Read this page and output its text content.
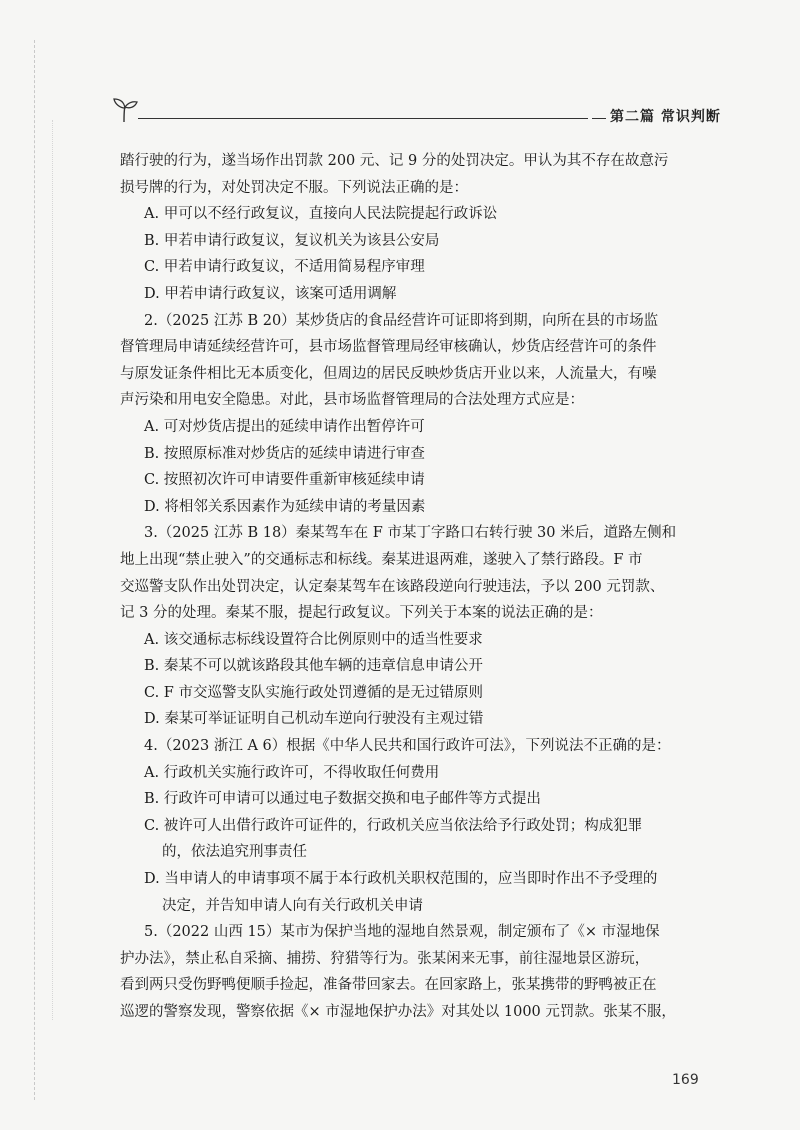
第二篇 常识判断
踏行驶的行为，遂当场作出罚款 200 元、记 9 分的处罚决定。甲认为其不存在故意污
损号牌的行为，对处罚决定不服。下列说法正确的是：
A. 甲可以不经行政复议，直接向人民法院提起行政诉讼
B. 甲若申请行政复议，复议机关为该县公安局
C. 甲若申请行政复议，不适用简易程序审理
D. 甲若申请行政复议，该案可适用调解
2.（2025 江苏 B 20）某炒货店的食品经营许可证即将到期，向所在县的市场监
督管理局申请延续经营许可，县市场监督管理局经审核确认，炒货店经营许可的条件
与原发证条件相比无本质变化，但周边的居民反映炒货店开业以来，人流量大，有噪
声污染和用电安全隐患。对此，县市场监督管理局的合法处理方式应是：
A. 可对炒货店提出的延续申请作出暂停许可
B. 按照原标准对炒货店的延续申请进行审查
C. 按照初次许可申请要件重新审核延续申请
D. 将相邻关系因素作为延续申请的考量因素
3.（2025 江苏 B 18）秦某驾车在 F 市某丁字路口右转行驶 30 米后，道路左侧和
地上出现“禁止驶入”的交通标志和标线。秦某进退两难，遂驶入了禁行路段。F 市
交巡警支队作出处罚决定，认定秦某驾车在该路段逆向行驶违法，予以 200 元罚款、
记 3 分的处理。秦某不服，提起行政复议。下列关于本案的说法正确的是：
A. 该交通标志标线设置符合比例原则中的适当性要求
B. 秦某不可以就该路段其他车辆的违章信息申请公开
C. F 市交巡警支队实施行政处罚遵循的是无过错原则
D. 秦某可举证证明自己机动车逆向行驶没有主观过错
4.（2023 浙江 A 6）根据《中华人民共和国行政许可法》，下列说法不正确的是：
A. 行政机关实施行政许可，不得收取任何费用
B. 行政许可申请可以通过电子数据交换和电子邮件等方式提出
C. 被许可人出借行政许可证件的，行政机关应当依法给予行政处罚；构成犯罪
的，依法追究刑事责任
D. 当申请人的申请事项不属于本行政机关职权范围的，应当即时作出不予受理的
决定，并告知申请人向有关行政机关申请
5.（2022 山西 15）某市为保护当地的湿地自然景观，制定颁布了《× 市湿地保
护办法》，禁止私自采摘、捕捞、狩猎等行为。张某闲来无事，前往湿地景区游玩，
看到两只受伤野鸭便顺手捡起，准备带回家去。在回家路上，张某携带的野鸭被正在
巡逻的警察发现，警察依据《× 市湿地保护办法》对其处以 1000 元罚款。张某不服，
169
